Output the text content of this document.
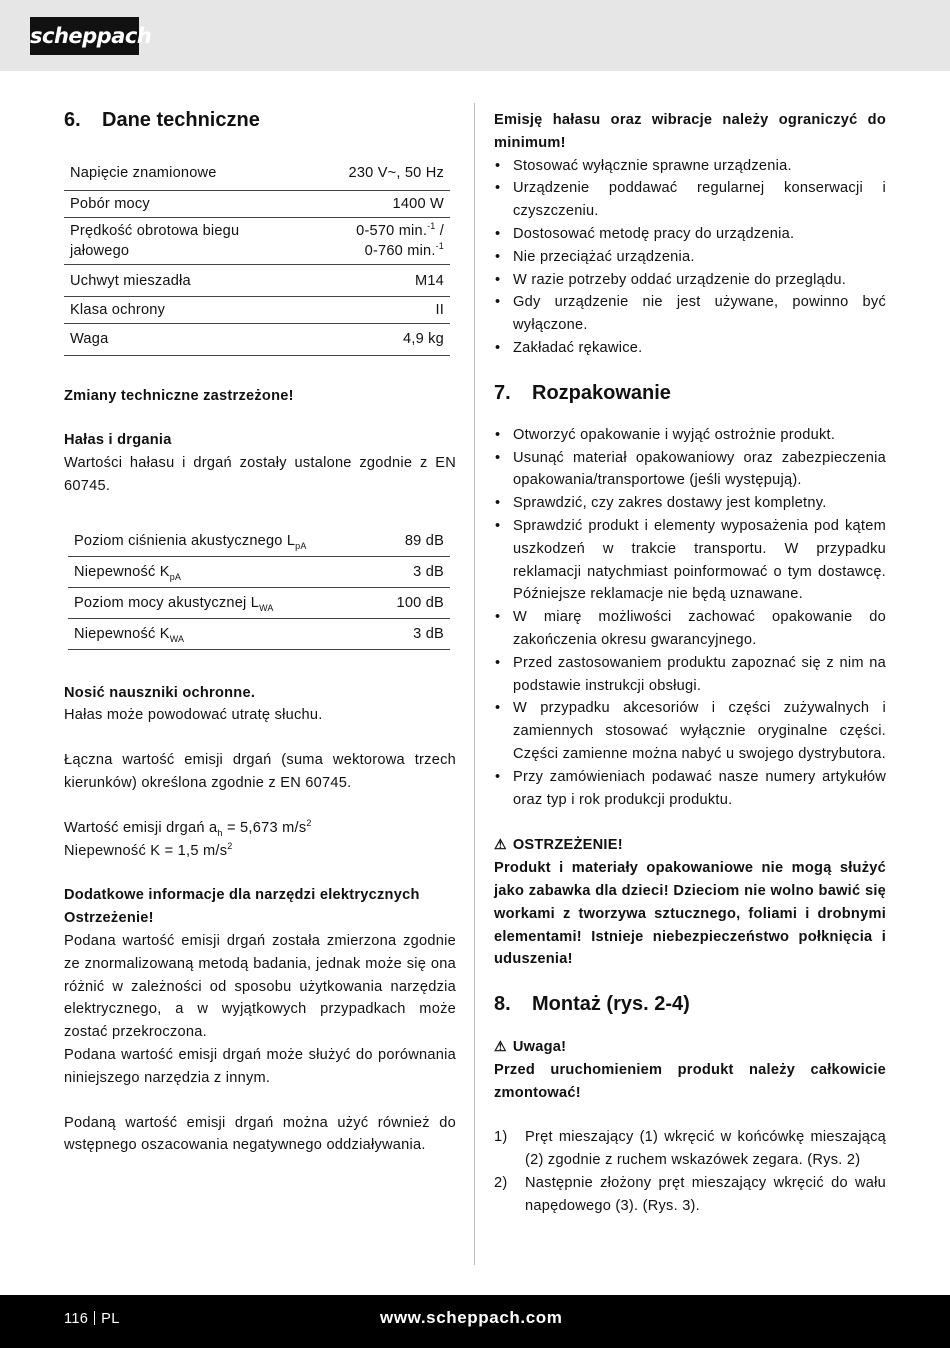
scheppach
6. Dane techniczne
Napięcie znamionowe	230 V~, 50 Hz
Pobór mocy	1400 W
Prędkość obrotowa biegu
jałowego	0-570 min.$^{-1}$ /
0-760 min.$^{-1}$
Uchwyt mieszadła	M14
Klasa ochrony	II
Waga	4,9 kg

Zmiany techniczne zastrzeżone!

Hałas i drgania

Wartości hałasu i drgań zostały ustalone zgodnie z EN 60745.

Poziom ciśnienia akustycznego $L_{pA}$	89 dB
Niepewność $K_{pA}$	3 dB
Poziom mocy akustycznej $L_{WA}$	100 dB
Niepewność $K_{WA}$	3 dB

Nosić nauszniki ochronne.

Hałas może powodować utratę słuchu.

Łączna wartość emisji drgań (suma wektorowa trzech kierunków) określona zgodnie z EN 60745.

Wartość emisji drgań $a_h = 5,673$ $m/s^2$

Niepewność K = 1,5 $m/s^2$

Dodatkowe informacje dla narzędzi elektrycznych

Ostrzeżenie!

Podana wartość emisji drgań została zmierzona zgodnie ze znormalizowaną metodą badania, jednak może się ona różnić w zależności od sposobu użytkowania narzędzia elektrycznego, a w wyjątkowych przypadkach może zostać przekroczona.

Podana wartość emisji drgań może służyć do porównania niniejszego narzędzia z innym.

Podaną wartość emisji drgań można użyć również do wstępnego oszacowania negatywnego oddziaływania.

Emisję hałasu oraz wibracje należy ograniczyć do minimum!

• Stosować wyłącznie sprawne urządzenia.
• Urządzenie poddawać regularnej konserwacji i czyszczeniu.
• Dostosować metodę pracy do urządzenia.
• Nie przeciążać urządzenia.
• W razie potrzeby oddać urządzenie do przeglądu.
• Gdy urządzenie nie jest używane, powinno być wyłączone.
• Zakładać rękawice.
7. Rozpakowanie
• Otworzyć opakowanie i wyjąć ostrożnie produkt.
• Usunąć materiał opakowaniowy oraz zabezpieczenia opakowania/transportowe (jeśli występują).
• Sprawdzić, czy zakres dostawy jest kompletny.
• Sprawdzić produkt i elementy wyposażenia pod kątem uszkodzeń w trakcie transportu. W przypadku reklamacji natychmiast poinformować o tym dostawcę. Późniejsze reklamacje nie będą uznawane.
• W miarę możliwości zachować opakowanie do zakończenia okresu gwarancyjnego.
• Przed zastosowaniem produktu zapoznać się z nim na podstawie instrukcji obsługi.
• W przypadku akcesoriów i części zużywalnych i zamiennych stosować wyłącznie oryginalne części. Części zamienne można nabyć u swojego dystrybutora.
• Przy zamówieniach podawać nasze numery artykułów oraz typ i rok produkcji produktu.

⚠ OSTRZEŻENIE!

Produkt i materiały opakowaniowe nie mogą służyć jako zabawka dla dzieci! Dzieciom nie wolno bawić się workami z tworzywa sztucznego, foliami i drobnymi elementami! Istnieje niebezpieczeństwo połknięcia i uduszenia!

8. Montaż (rys. 2-4)

⚠ Uwaga!

Przed uruchomieniem produkt należy całkowicie zmontować!

1) Pręt mieszający (1) wkręcić w końcówkę mieszającą (2) zgodnie z ruchem wskazówek zegara. (Rys. 2)
2) Następnie złożony pręt mieszający wkręcić do wału napędowego (3). (Rys. 3).
116 PL	www.scheppach.com
